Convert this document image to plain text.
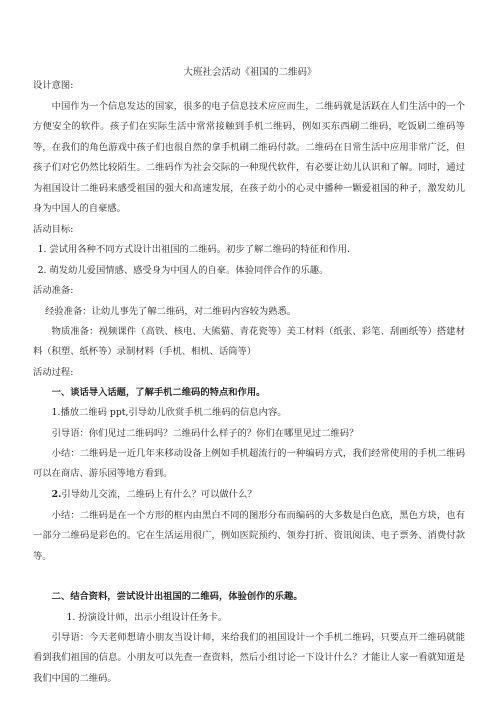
大班社会活动《祖国的二维码》

设计意图:

中国作为一个信息发达的国家，很多的电子信息技术应应而生，二维码就是活跃在人们生活中的一个方便安全的软件。孩子们在实际生活中常常接触到手机二维码，例如买东西刷二维码，吃饭刷二维码等等，在我们的角色游戏中孩子们也很自然的拿手机刷二维码付款。二维码在日常生活中应用非常广泛，但孩子们对它仍然比较陌生。二维码作为社会交际的一种现代软件，有必要让幼儿认识和了解。同时，通过为祖国设计二维码来感受祖国的强大和高速发展，在孩子幼小的心灵中播种一颗爱祖国的种子，激发幼儿身为中国人的自豪感。

活动目标:

1. 尝试用各种不同方式设计出祖国的二维码。初步了解二维码的特征和作用.

2. 萌发幼儿爱国情感、感受身为中国人的自豪。体验同伴合作的乐趣。

活动准备:

经验准备：让幼儿事先了解二维码，对二维码内容较为熟悉。

物质准备：视频课件（高铁、核电、大熊猫、青花瓷等）美工材料（纸张、彩笔、刮画纸等）搭建材料（积塑、纸杯等）录制材料（手机、相机、话筒等）

活动过程:

一、谈话导入话题，了解手机二维码的特点和作用。

1.播放二维码 ppt,引导幼儿欣赏手机二维码的信息内容。

引导语：你们见过二维码吗？二维码什么样子的？你们在哪里见过二维码？

小结：二维码是一近几年来移动设备上例如手机超流行的一种编码方式，我们经常使用的手机二维码可以在商店、游乐园等地方看到。

2.引导幼儿交流，二维码上有什么？可以做什么？

小结：二维码是在一个方形的框内由黑白不同的图形分布而编码的大多数是白色底，黑色方块，也有一部分二维码是彩色的。它在生活运用很广，例如医院预约、领券打折、资讯阅读、电子票务、消费付款等。

二、结合资料，尝试设计出祖国的二维码，体验创作的乐趣。

1. 扮演设计师，出示小组设计任务卡。

引导语：今天老师想请小朋友当设计师，来给我们的祖国设计一个手机二维码，只要点开二维码就能看到我们祖国的信息。小朋友可以先查一查资料，然后小组讨论一下设计什么？才能让人家一看就知道是我们中国的二维码。
